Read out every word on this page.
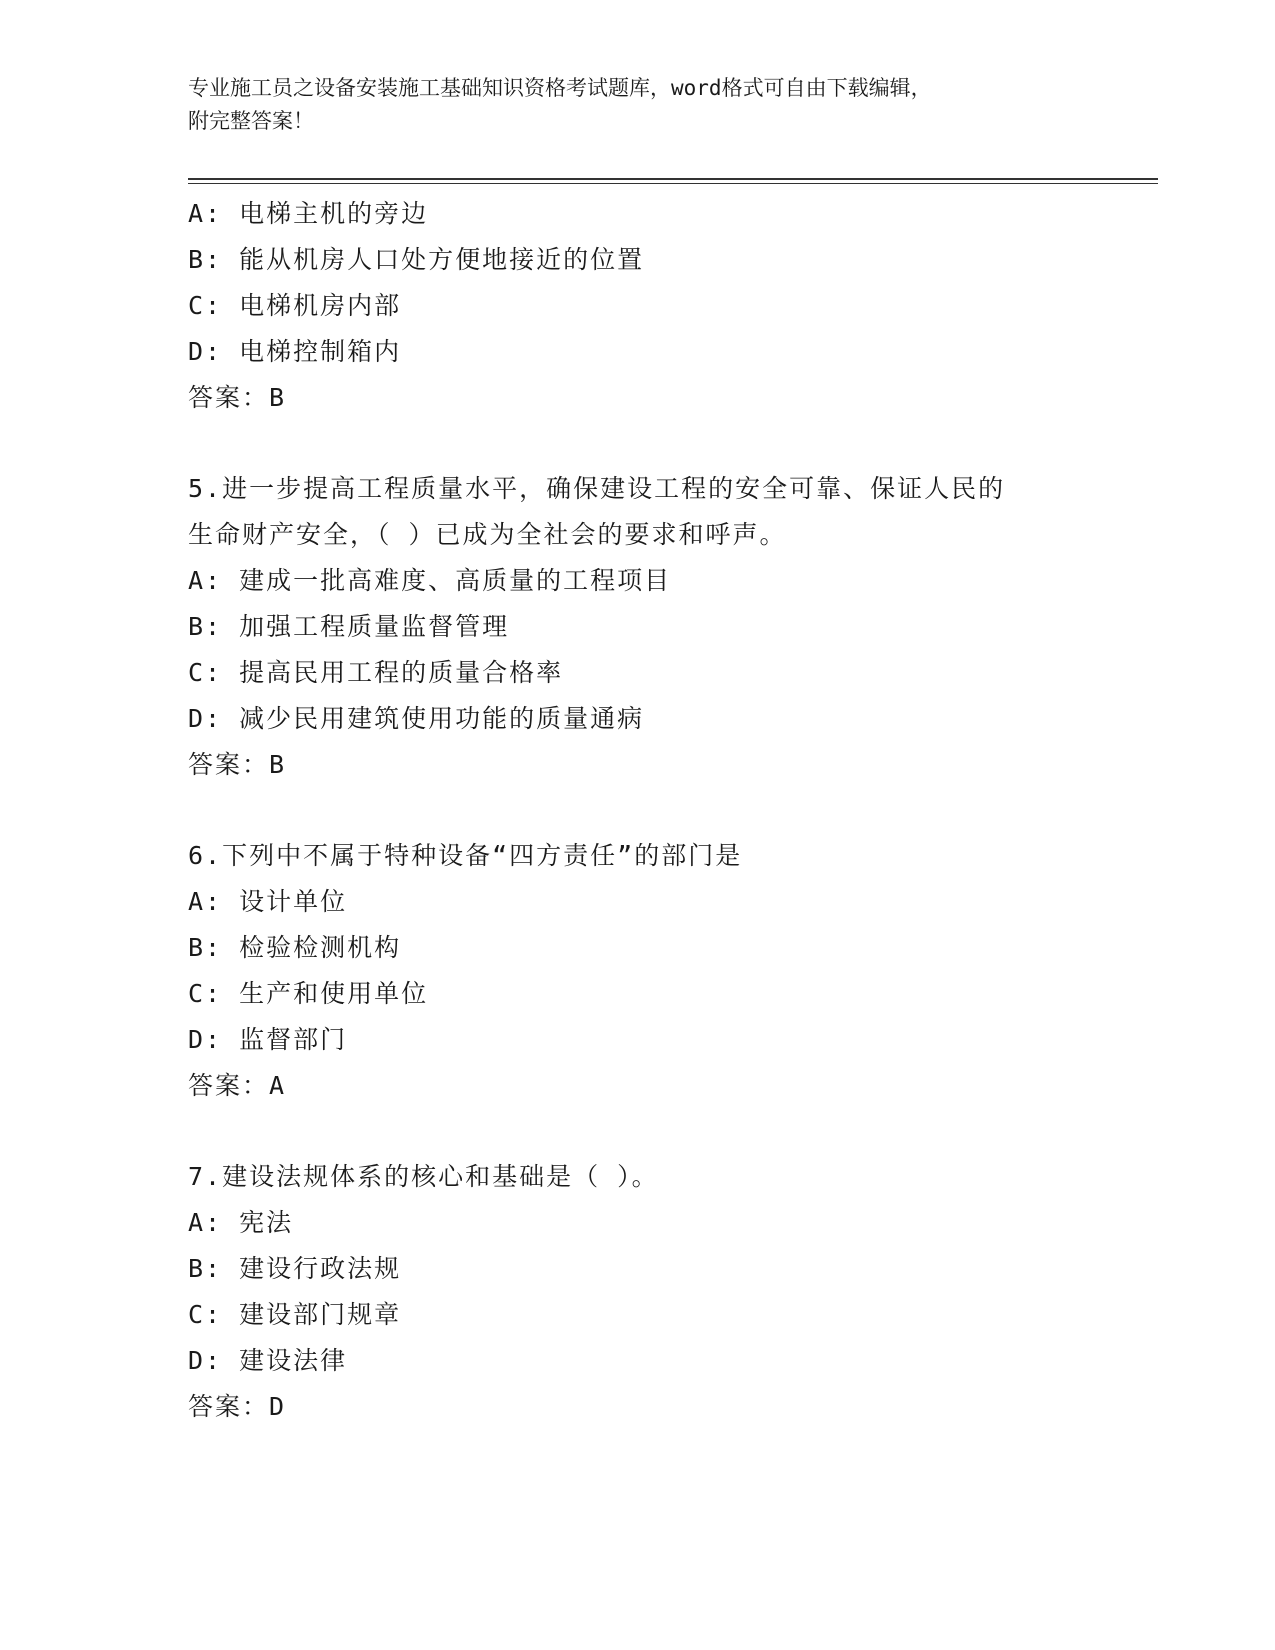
专业施工员之设备安装施工基础知识资格考试题库，word格式可自由下载编辑，
附完整答案！
A: 电梯主机的旁边
B: 能从机房人口处方便地接近的位置
C: 电梯机房内部
D: 电梯控制箱内
答案：B
5.进一步提高工程质量水平，确保建设工程的安全可靠、保证人民的
生命财产安全，（ ）已成为全社会的要求和呼声。
A: 建成一批高难度、高质量的工程项目
B: 加强工程质量监督管理
C: 提高民用工程的质量合格率
D: 减少民用建筑使用功能的质量通病
答案：B
6.下列中不属于特种设备“四方责任”的部门是
A: 设计单位
B: 检验检测机构
C: 生产和使用单位
D: 监督部门
答案：A
7.建设法规体系的核心和基础是（ ）。
A: 宪法
B: 建设行政法规
C: 建设部门规章
D: 建设法律
答案：D
